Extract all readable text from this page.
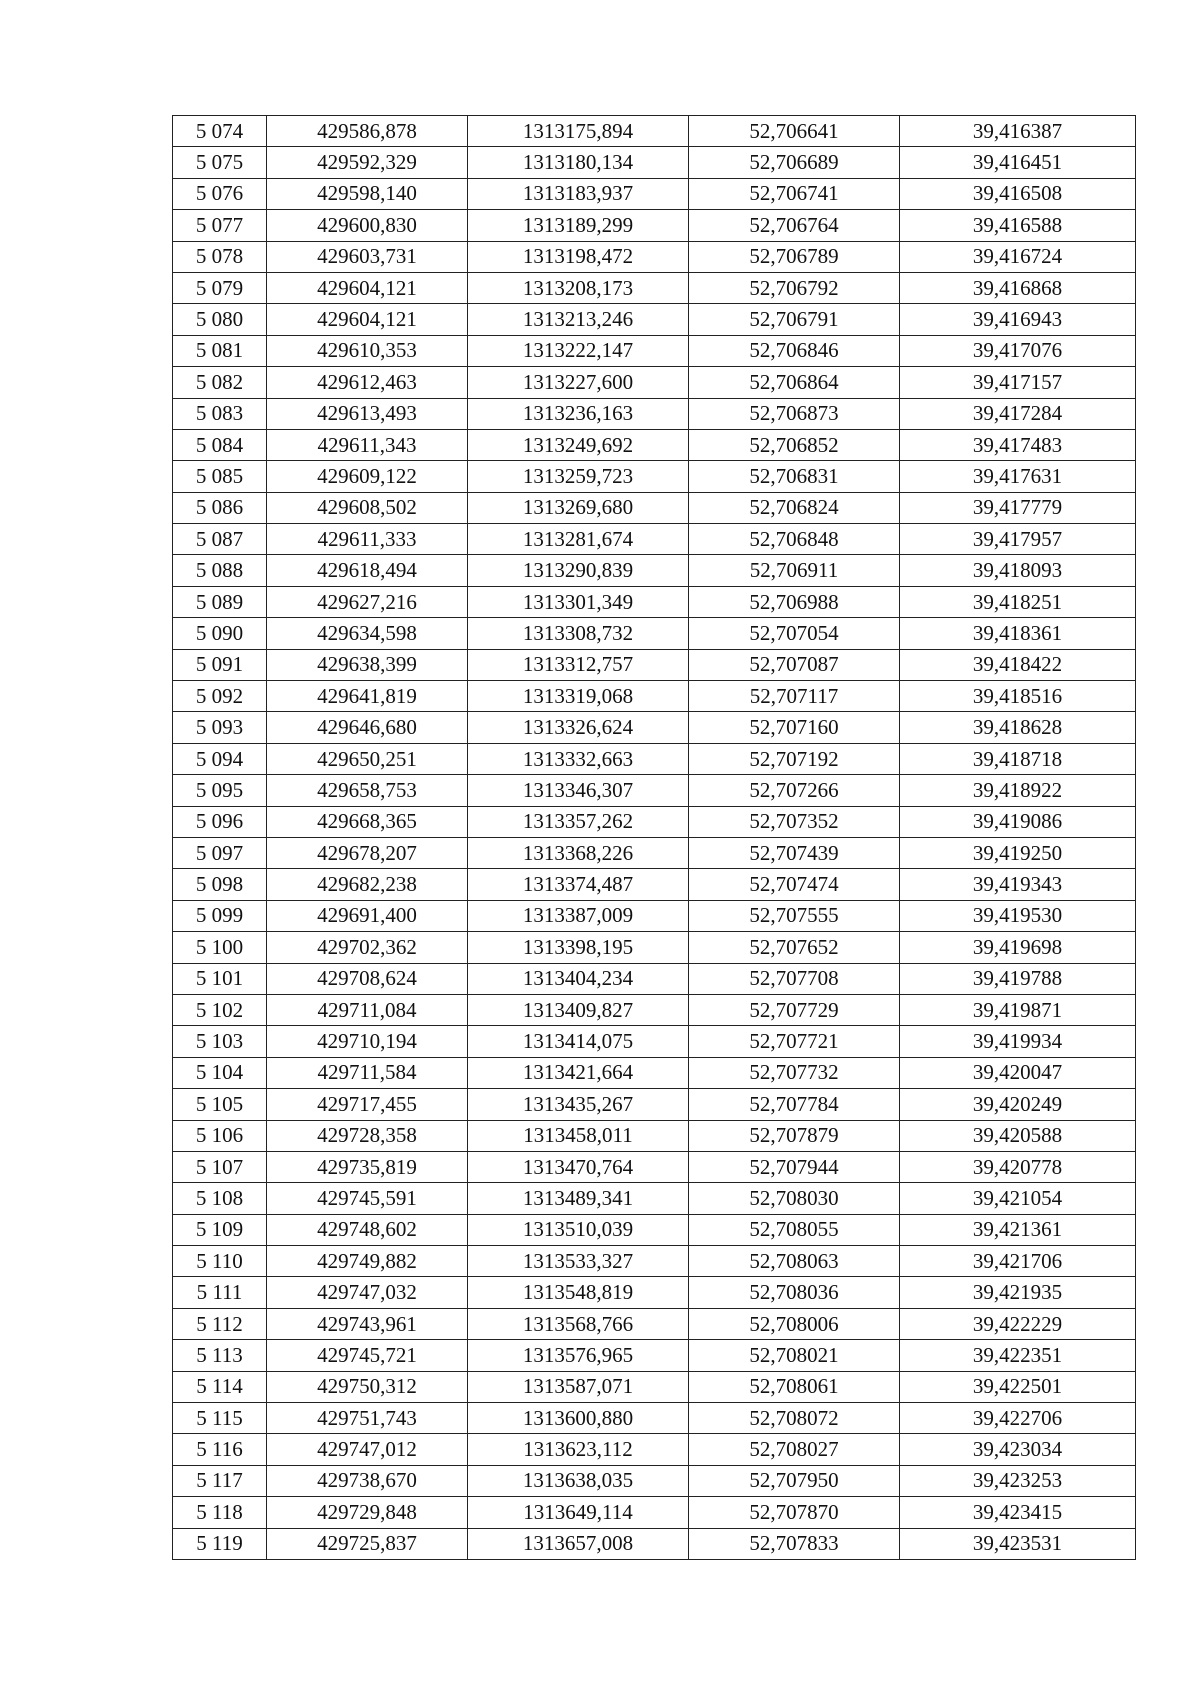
5 074	429586,878	1313175,894	52,706641	39,416387
5 075	429592,329	1313180,134	52,706689	39,416451
5 076	429598,140	1313183,937	52,706741	39,416508
5 077	429600,830	1313189,299	52,706764	39,416588
5 078	429603,731	1313198,472	52,706789	39,416724
5 079	429604,121	1313208,173	52,706792	39,416868
5 080	429604,121	1313213,246	52,706791	39,416943
5 081	429610,353	1313222,147	52,706846	39,417076
5 082	429612,463	1313227,600	52,706864	39,417157
5 083	429613,493	1313236,163	52,706873	39,417284
5 084	429611,343	1313249,692	52,706852	39,417483
5 085	429609,122	1313259,723	52,706831	39,417631
5 086	429608,502	1313269,680	52,706824	39,417779
5 087	429611,333	1313281,674	52,706848	39,417957
5 088	429618,494	1313290,839	52,706911	39,418093
5 089	429627,216	1313301,349	52,706988	39,418251
5 090	429634,598	1313308,732	52,707054	39,418361
5 091	429638,399	1313312,757	52,707087	39,418422
5 092	429641,819	1313319,068	52,707117	39,418516
5 093	429646,680	1313326,624	52,707160	39,418628
5 094	429650,251	1313332,663	52,707192	39,418718
5 095	429658,753	1313346,307	52,707266	39,418922
5 096	429668,365	1313357,262	52,707352	39,419086
5 097	429678,207	1313368,226	52,707439	39,419250
5 098	429682,238	1313374,487	52,707474	39,419343
5 099	429691,400	1313387,009	52,707555	39,419530
5 100	429702,362	1313398,195	52,707652	39,419698
5 101	429708,624	1313404,234	52,707708	39,419788
5 102	429711,084	1313409,827	52,707729	39,419871
5 103	429710,194	1313414,075	52,707721	39,419934
5 104	429711,584	1313421,664	52,707732	39,420047
5 105	429717,455	1313435,267	52,707784	39,420249
5 106	429728,358	1313458,011	52,707879	39,420588
5 107	429735,819	1313470,764	52,707944	39,420778
5 108	429745,591	1313489,341	52,708030	39,421054
5 109	429748,602	1313510,039	52,708055	39,421361
5 110	429749,882	1313533,327	52,708063	39,421706
5 111	429747,032	1313548,819	52,708036	39,421935
5 112	429743,961	1313568,766	52,708006	39,422229
5 113	429745,721	1313576,965	52,708021	39,422351
5 114	429750,312	1313587,071	52,708061	39,422501
5 115	429751,743	1313600,880	52,708072	39,422706
5 116	429747,012	1313623,112	52,708027	39,423034
5 117	429738,670	1313638,035	52,707950	39,423253
5 118	429729,848	1313649,114	52,707870	39,423415
5 119	429725,837	1313657,008	52,707833	39,423531
